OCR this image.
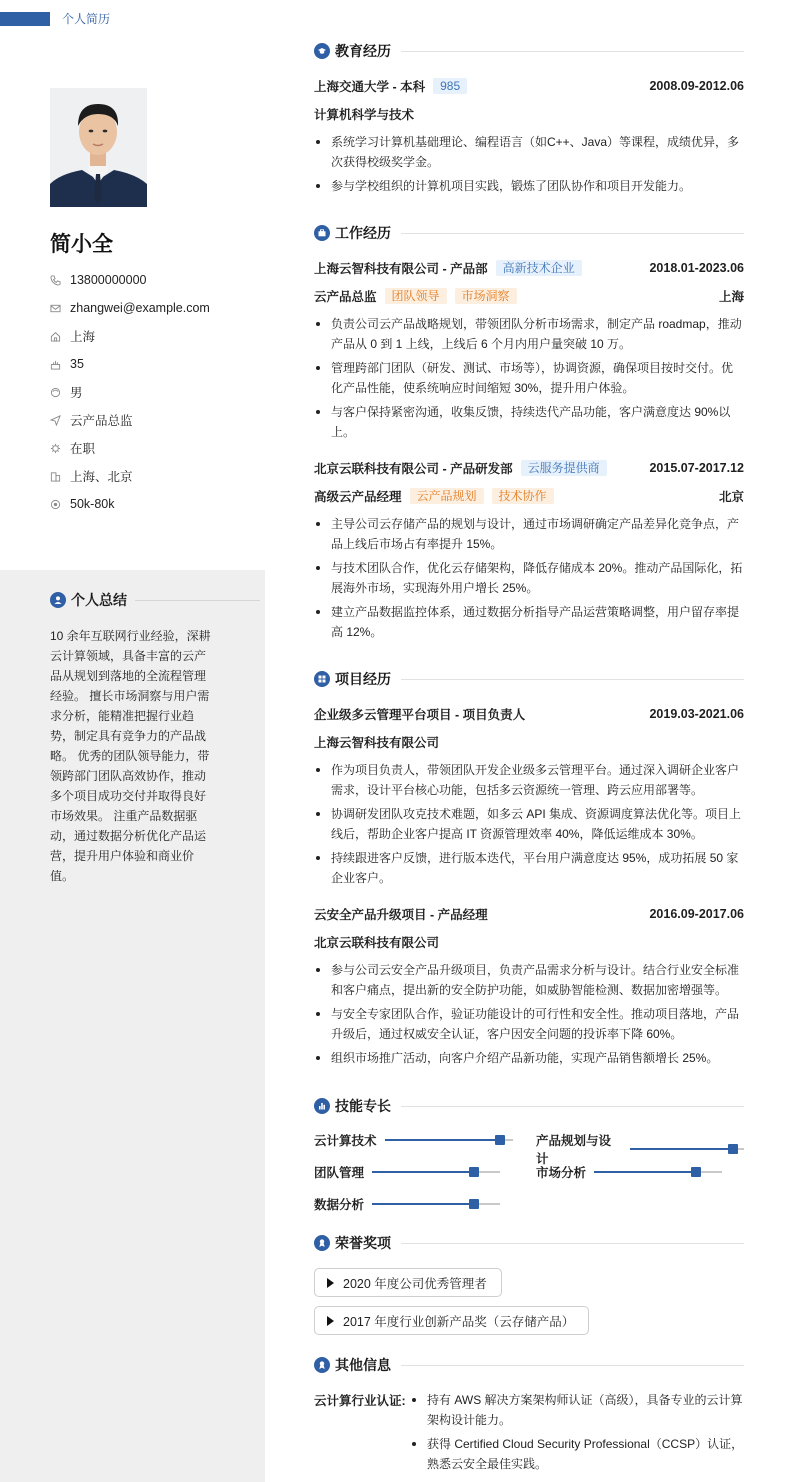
个人简历
简小全
13800000000
zhangwei@example.com
上海
35
男
云产品总监
在职
上海、北京
50k-80k
个人总结
10 余年互联网行业经验，深耕云计算领域，具备丰富的云产品从规划到落地的全流程管理经验。 擅长市场洞察与用户需求分析，能精准把握行业趋势，制定具有竞争力的产品战略。 优秀的团队领导能力，带领跨部门团队高效协作，推动多个项目成功交付并取得良好市场效果。 注重产品数据驱动，通过数据分析优化产品运营，提升用户体验和商业价值。
教育经历
上海交通大学 - 本科	985	2008.09-2012.06
计算机科学与技术
系统学习计算机基础理论、编程语言（如C++、Java）等课程，成绩优异，多次获得校级奖学金。
参与学校组织的计算机项目实践，锻炼了团队协作和项目开发能力。
工作经历
上海云智科技有限公司 - 产品部	高新技术企业	2018.01-2023.06
云产品总监	团队领导	市场洞察	上海
负责公司云产品战略规划，带领团队分析市场需求，制定产品 roadmap，推动产品从 0 到 1 上线，上线后 6 个月内用户量突破 10 万。
管理跨部门团队（研发、测试、市场等），协调资源，确保项目按时交付。优化产品性能，使系统响应时间缩短 30%，提升用户体验。
与客户保持紧密沟通，收集反馈，持续迭代产品功能，客户满意度达 90%以上。
北京云联科技有限公司 - 产品研发部	云服务提供商	2015.07-2017.12
高级云产品经理	云产品规划	技术协作	北京
主导公司云存储产品的规划与设计，通过市场调研确定产品差异化竞争点，产品上线后市场占有率提升 15%。
与技术团队合作，优化云存储架构，降低存储成本 20%。推动产品国际化，拓展海外市场，实现海外用户增长 25%。
建立产品数据监控体系，通过数据分析指导产品运营策略调整，用户留存率提高 12%。
项目经历
企业级多云管理平台项目 - 项目负责人	2019.03-2021.06
上海云智科技有限公司
作为项目负责人，带领团队开发企业级多云管理平台。通过深入调研企业客户需求，设计平台核心功能，包括多云资源统一管理、跨云应用部署等。
协调研发团队攻克技术难题，如多云 API 集成、资源调度算法优化等。项目上线后，帮助企业客户提高 IT 资源管理效率 40%，降低运维成本 30%。
持续跟进客户反馈，进行版本迭代，平台用户满意度达 95%，成功拓展 50 家企业客户。
云安全产品升级项目 - 产品经理	2016.09-2017.06
北京云联科技有限公司
参与公司云安全产品升级项目，负责产品需求分析与设计。结合行业安全标准和客户痛点，提出新的安全防护功能，如威胁智能检测、数据加密增强等。
与安全专家团队合作，验证功能设计的可行性和安全性。推动项目落地，产品升级后，通过权威安全认证，客户因安全问题的投诉率下降 60%。
组织市场推广活动，向客户介绍产品新功能，实现产品销售额增长 25%。
技能专长
云计算技术	产品规划与设计
团队管理	市场分析
数据分析
荣誉奖项
2020 年度公司优秀管理者
2017 年度行业创新产品奖（云存储产品）
其他信息
云计算行业认证:	持有 AWS 解决方案架构师认证（高级），具备专业的云计算架构设计能力。
获得 Certified Cloud Security Professional（CCSP）认证，熟悉云安全最佳实践。
